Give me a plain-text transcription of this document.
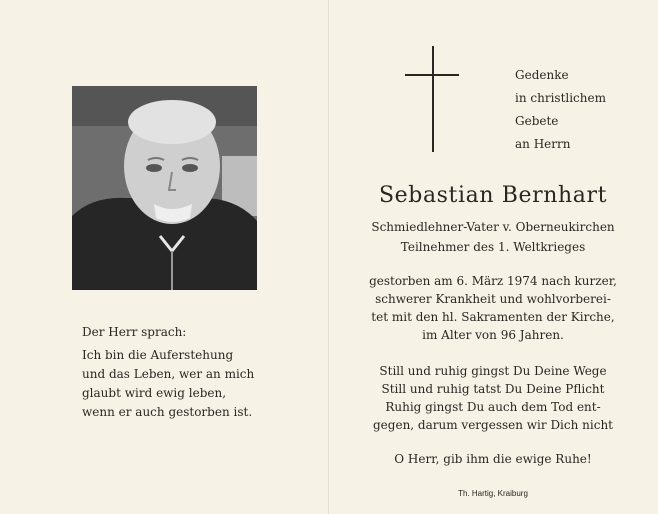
Der Herr sprach:
Ich bin die Auferstehung
und das Leben, wer an mich
glaubt wird ewig leben,
wenn er auch gestorben ist.
Gedenke
in christlichem
Gebete
an Herrn
Sebastian Bernhart
Schmiedlehner-Vater v. Oberneukirchen
Teilnehmer des 1. Weltkrieges
gestorben am 6. März 1974 nach kurzer,
schwerer Krankheit und wohlvorberei-
tet mit den hl. Sakramenten der Kirche,
im Alter von 96 Jahren.
Still und ruhig gingst Du Deine Wege
Still und ruhig tatst Du Deine Pflicht
Ruhig gingst Du auch dem Tod ent-
gegen, darum vergessen wir Dich nicht
O Herr, gib ihm die ewige Ruhe!
Th. Hartig, Kraiburg
